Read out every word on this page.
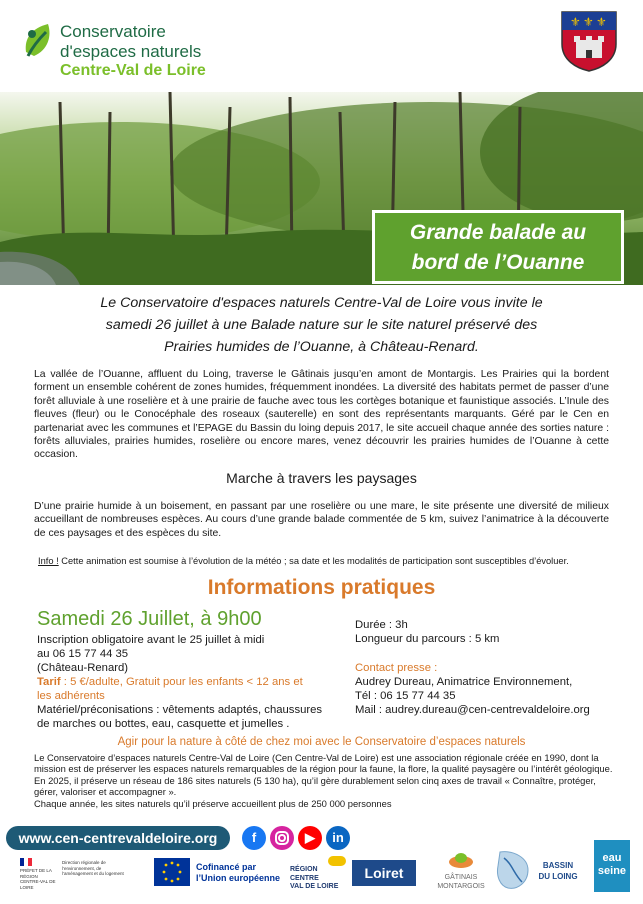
Conservatoire
d'espaces naturels
Centre-Val de Loire
⚜ ⚜ ⚜
Grande balade au
bord de l’Ouanne
Le Conservatoire d'espaces naturels Centre-Val de Loire vous invite le
samedi 26 juillet à une Balade nature sur le site naturel préservé des
Prairies humides de l’Ouanne, à Château-Renard.
La vallée de l’Ouanne, affluent du Loing, traverse le Gâtinais jusqu’en amont de Montargis. Les Prairies qui la bordent forment un ensemble cohérent de zones humides, fréquemment inondées. La diversité des habitats permet de passer d’une forêt alluviale à une roselière et à une prairie de fauche avec tous les cortèges botanique et faunistique associés. L’Inule des fleuves (fleur) ou le Conocéphale des roseaux (sauterelle) en sont des représentants marquants. Géré par le Cen en partenariat avec les communes et l’EPAGE du Bassin du loing depuis 2017, le site accueil chaque année des sorties nature : forêts alluviales, prairies humides, roselière ou encore mares, venez découvrir les prairies humides de l’Ouanne à cette occasion.
Marche à travers les paysages
D’une prairie humide à un boisement, en passant par une roselière ou une mare, le site présente une diversité de milieux accueillant de nombreuses espèces. Au cours d’une grande balade commentée de 5 km, suivez l’animatrice à la découverte de ces paysages et des espèces du site.
Info ! Cette animation est soumise à l’évolution de la météo ; sa date et les modalités de participation sont susceptibles d’évoluer.
Informations pratiques
Samedi 26 Juillet, à 9h00
Inscription obligatoire avant le 25 juillet à midi
au 06 15 77 44 35
(Château-Renard)
Tarif : 5 €/adulte, Gratuit pour les enfants < 12 ans et
les adhérents
Matériel/préconisations : vêtements adaptés, chaussures
de marches ou bottes, eau, casquette et jumelles .
Durée : 3h
Longueur du parcours : 5 km
Contact presse :
Audrey Dureau, Animatrice Environnement,
Tél : 06 15 77 44 35
Mail : audrey.dureau@cen-centrevaldeloire.org
Agir pour la nature à côté de chez moi avec le Conservatoire d’espaces naturels
Le Conservatoire d’espaces naturels Centre-Val de Loire (Cen Centre-Val de Loire) est une association régionale créée en 1990, dont la mission est de préserver les espaces naturels remarquables de la région pour la faune, la flore, la qualité paysagère ou l’intérêt géologique. En 2025, il préserve un réseau de 186 sites naturels (5 130 ha), qu’il gère durablement selon cinq axes de travail « Connaître, protéger, gérer, valoriser et accompagner ».
Chaque année, les sites naturels qu’il préserve accueillent plus de 250 000 personnes
www.cen-centrevaldeloire.org	f	▶	in
PRÉFET DE LA RÉGION CENTRE-VAL DE LOIRE
Direction régionale de l’environnement, de l’aménagement et du logement
Cofinancé par
l’Union européenne
RÉGION
CENTRE
VAL DE LOIRE
Loiret	GÂTINAIS
MONTARGOIS
BASSIN
DU LOING
eau
seine
